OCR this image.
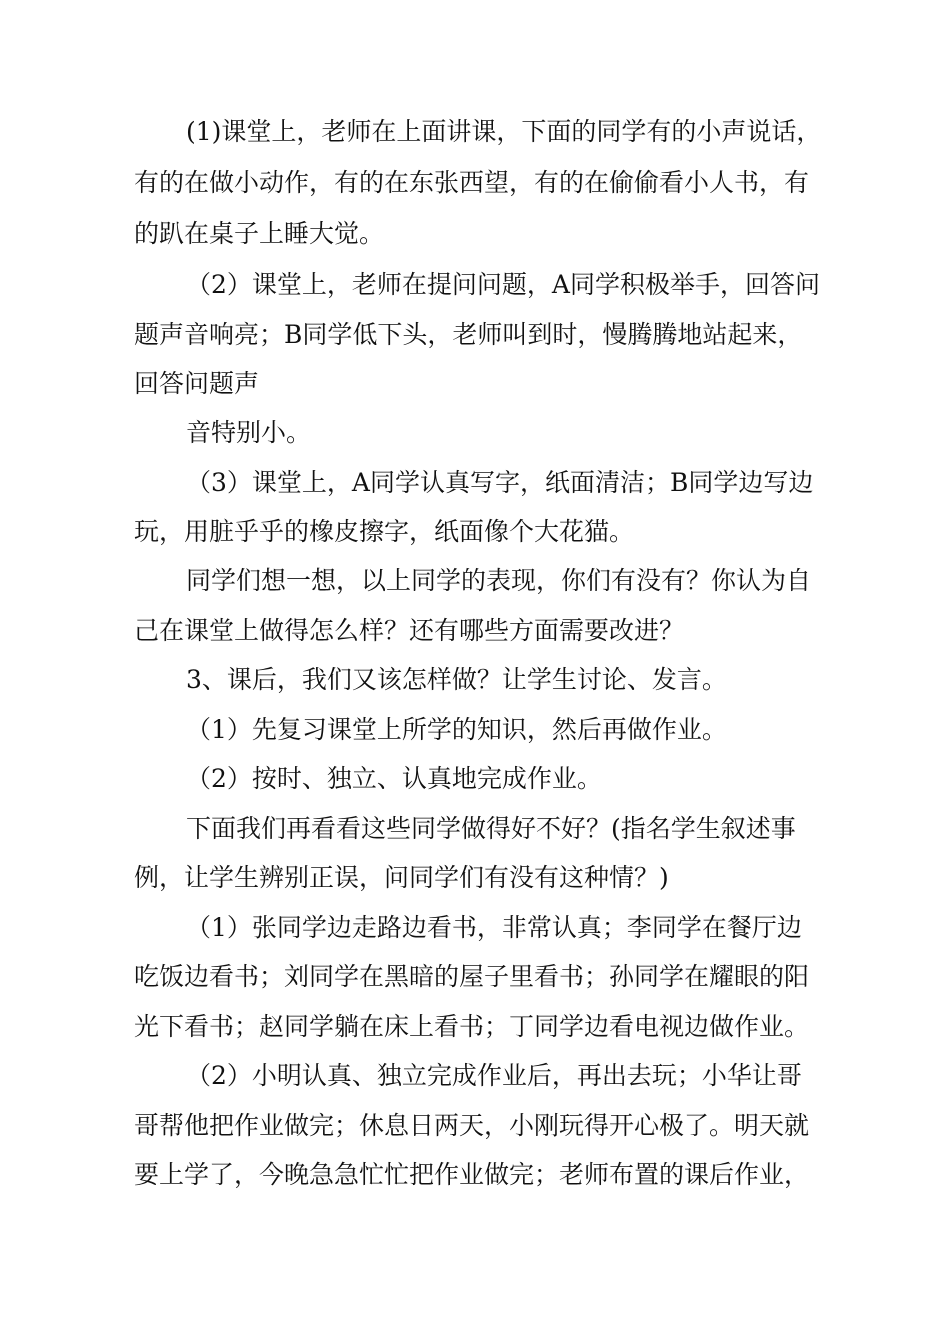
(1)课堂上，老师在上面讲课，下面的同学有的小声说话，
有的在做小动作，有的在东张西望，有的在偷偷看小人书，有
的趴在桌子上睡大觉。
（2）课堂上，老师在提问问题，A同学积极举手，回答问
题声音响亮；B同学低下头，老师叫到时，慢腾腾地站起来，
回答问题声
音特别小。
（3）课堂上，A同学认真写字，纸面清洁；B同学边写边
玩，用脏乎乎的橡皮擦字，纸面像个大花猫。
同学们想一想，以上同学的表现，你们有没有？你认为自
己在课堂上做得怎么样？还有哪些方面需要改进？
3、课后，我们又该怎样做？让学生讨论、发言。
（1）先复习课堂上所学的知识，然后再做作业。
（2）按时、独立、认真地完成作业。
下面我们再看看这些同学做得好不好？(指名学生叙述事
例，让学生辨别正误，问同学们有没有这种情？)
（1）张同学边走路边看书，非常认真；李同学在餐厅边
吃饭边看书；刘同学在黑暗的屋子里看书；孙同学在耀眼的阳
光下看书；赵同学躺在床上看书；丁同学边看电视边做作业。
（2）小明认真、独立完成作业后，再出去玩；小华让哥
哥帮他把作业做完；休息日两天，小刚玩得开心极了。明天就
要上学了，今晚急急忙忙把作业做完；老师布置的课后作业，
